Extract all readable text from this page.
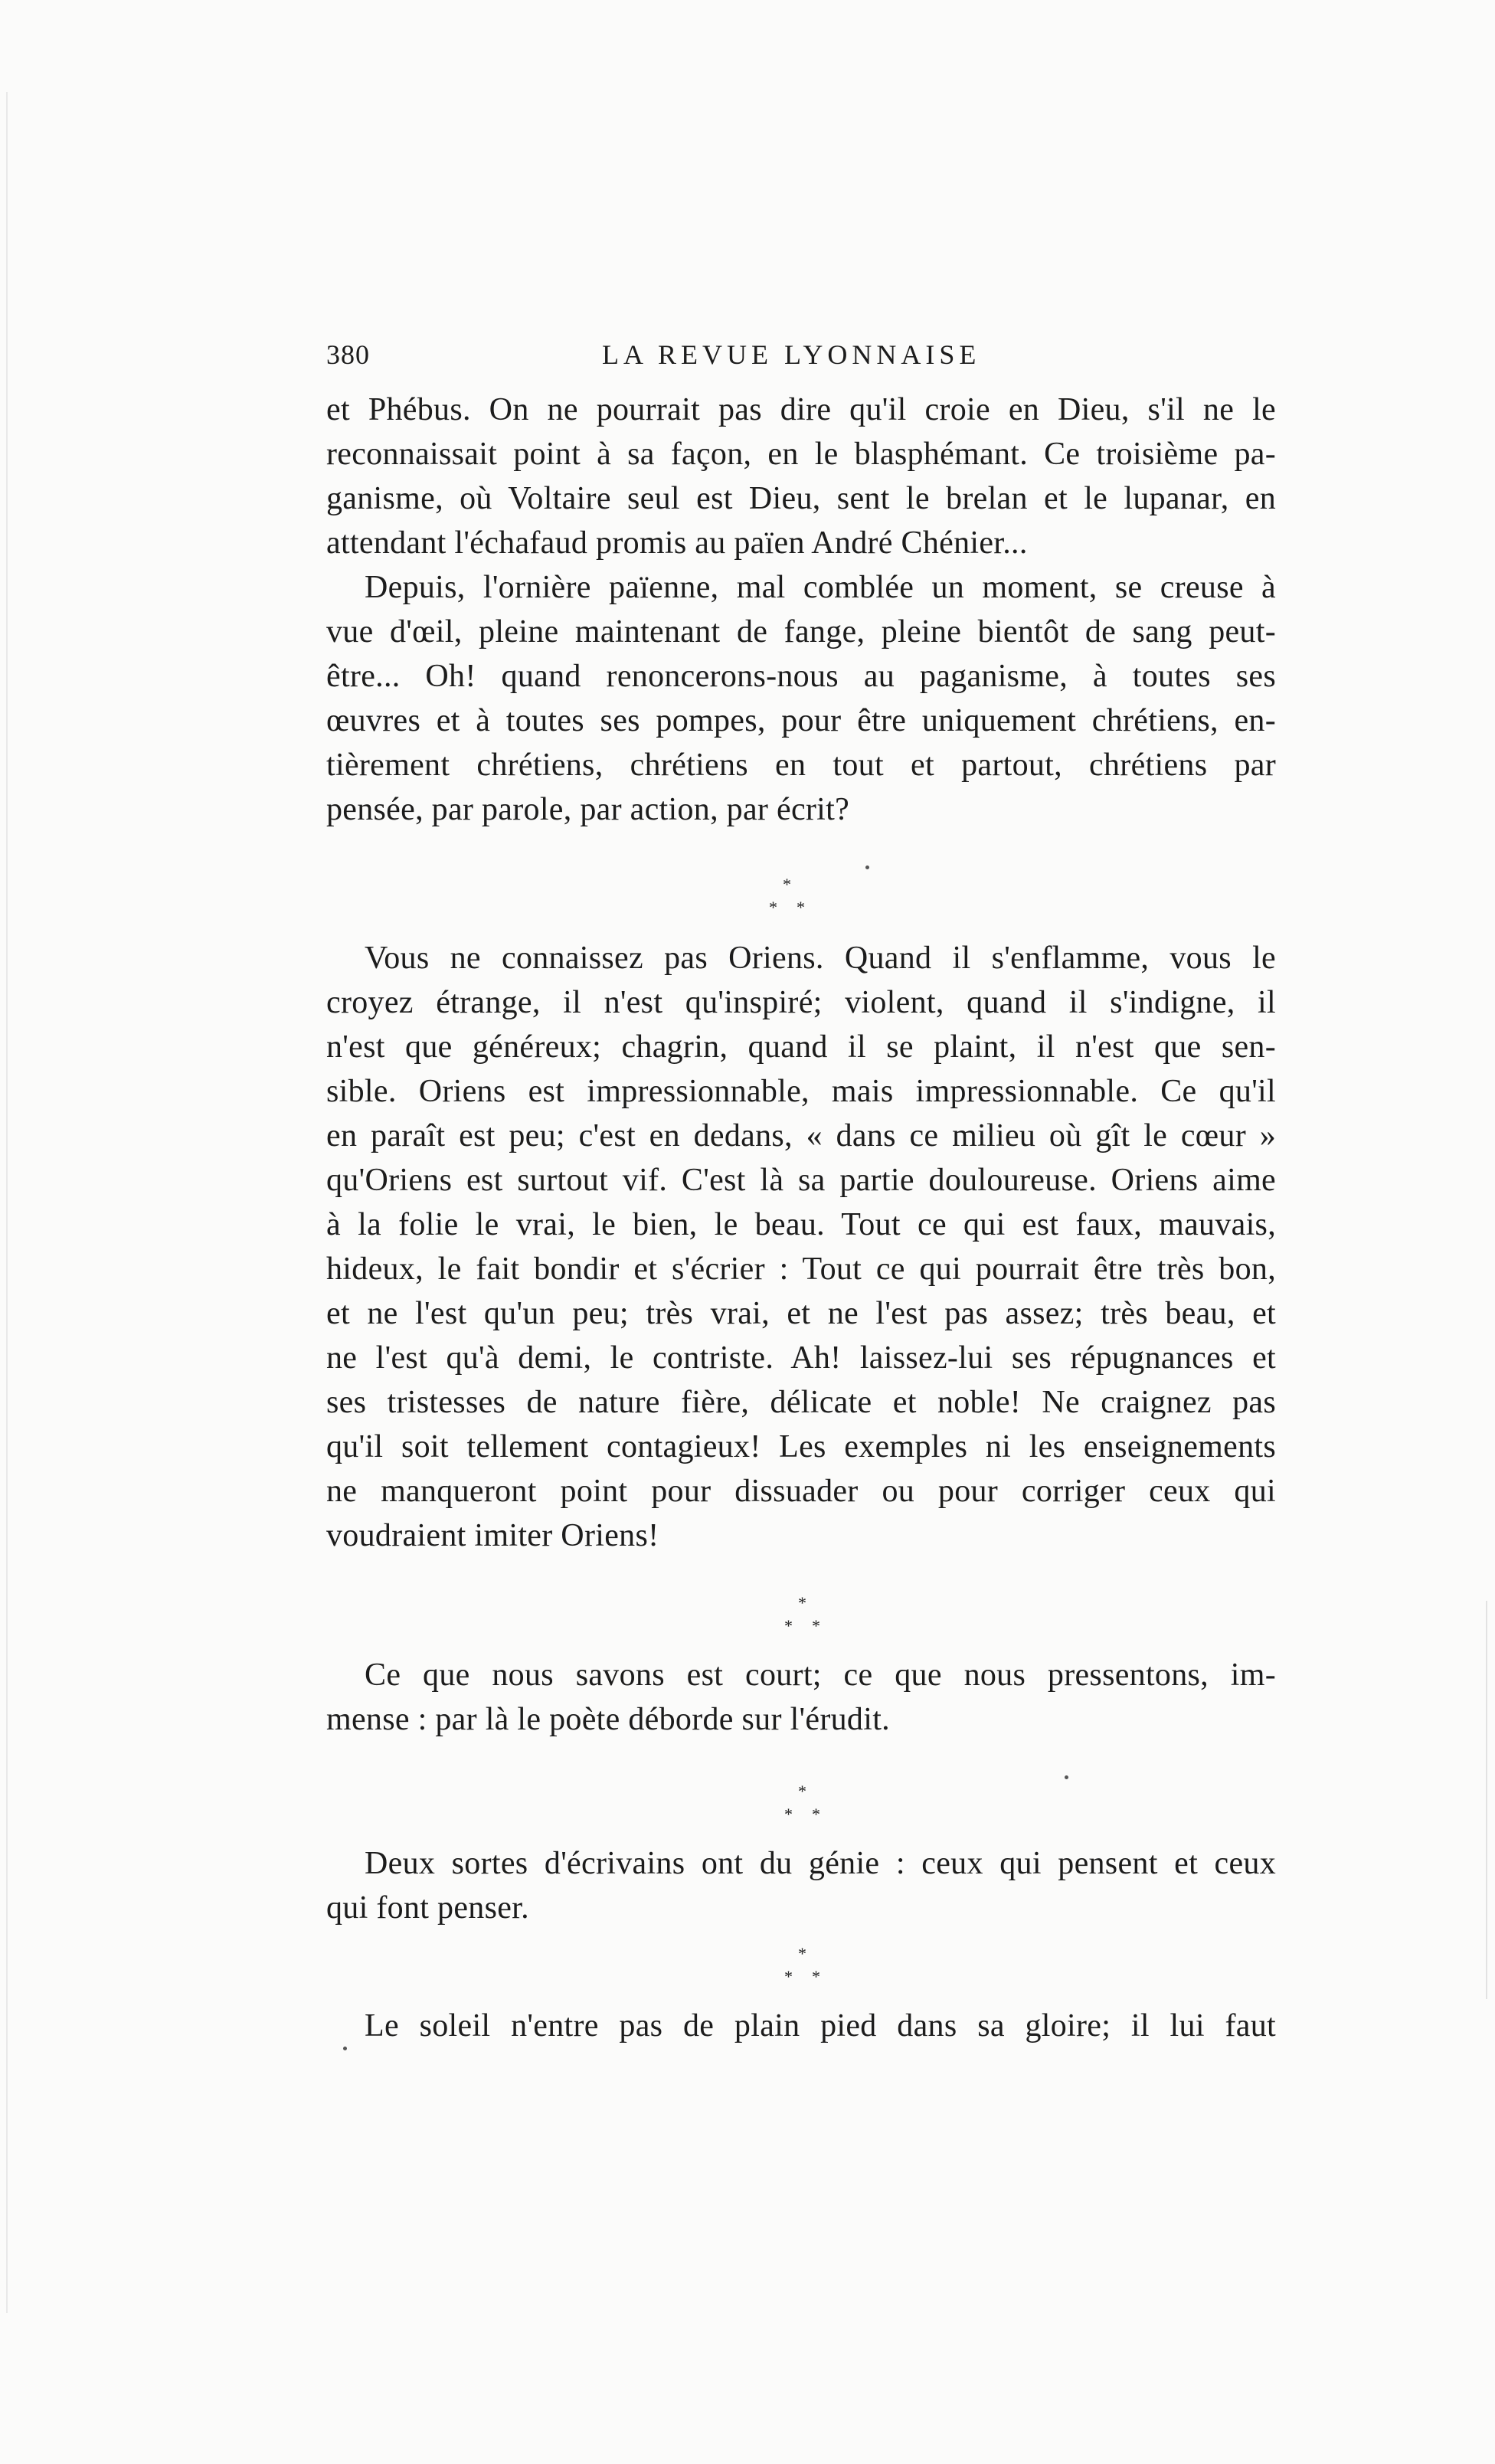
380	LA REVUE LYONNAISE
et Phébus. On ne pourrait pas dire qu'il croie en Dieu, s'il ne le
reconnaissait point à sa façon, en le blasphémant. Ce troisième pa-
ganisme, où Voltaire seul est Dieu, sent le brelan et le lupanar, en
attendant l'échafaud promis au païen André Chénier...
Depuis, l'ornière païenne, mal comblée un moment, se creuse à
vue d'œil, pleine maintenant de fange, pleine bientôt de sang peut-
être... Oh! quand renoncerons-nous au paganisme, à toutes ses
œuvres et à toutes ses pompes, pour être uniquement chrétiens, en-
tièrement chrétiens, chrétiens en tout et partout, chrétiens par
pensée, par parole, par action, par écrit?
*
* *
Vous ne connaissez pas Oriens. Quand il s'enflamme, vous le
croyez étrange, il n'est qu'inspiré; violent, quand il s'indigne, il
n'est que généreux; chagrin, quand il se plaint, il n'est que sen-
sible. Oriens est impressionnable, mais impressionnable. Ce qu'il
en paraît est peu; c'est en dedans, « dans ce milieu où gît le cœur »
qu'Oriens est surtout vif. C'est là sa partie douloureuse. Oriens aime
à la folie le vrai, le bien, le beau. Tout ce qui est faux, mauvais,
hideux, le fait bondir et s'écrier : Tout ce qui pourrait être très bon,
et ne l'est qu'un peu; très vrai, et ne l'est pas assez; très beau, et
ne l'est qu'à demi, le contriste. Ah! laissez-lui ses répugnances et
ses tristesses de nature fière, délicate et noble! Ne craignez pas
qu'il soit tellement contagieux! Les exemples ni les enseignements
ne manqueront point pour dissuader ou pour corriger ceux qui
voudraient imiter Oriens!
*
* *
Ce que nous savons est court; ce que nous pressentons, im-
mense : par là le poète déborde sur l'érudit.
*
* *
Deux sortes d'écrivains ont du génie : ceux qui pensent et ceux
qui font penser.
*
* *
Le soleil n'entre pas de plain pied dans sa gloire; il lui faut
